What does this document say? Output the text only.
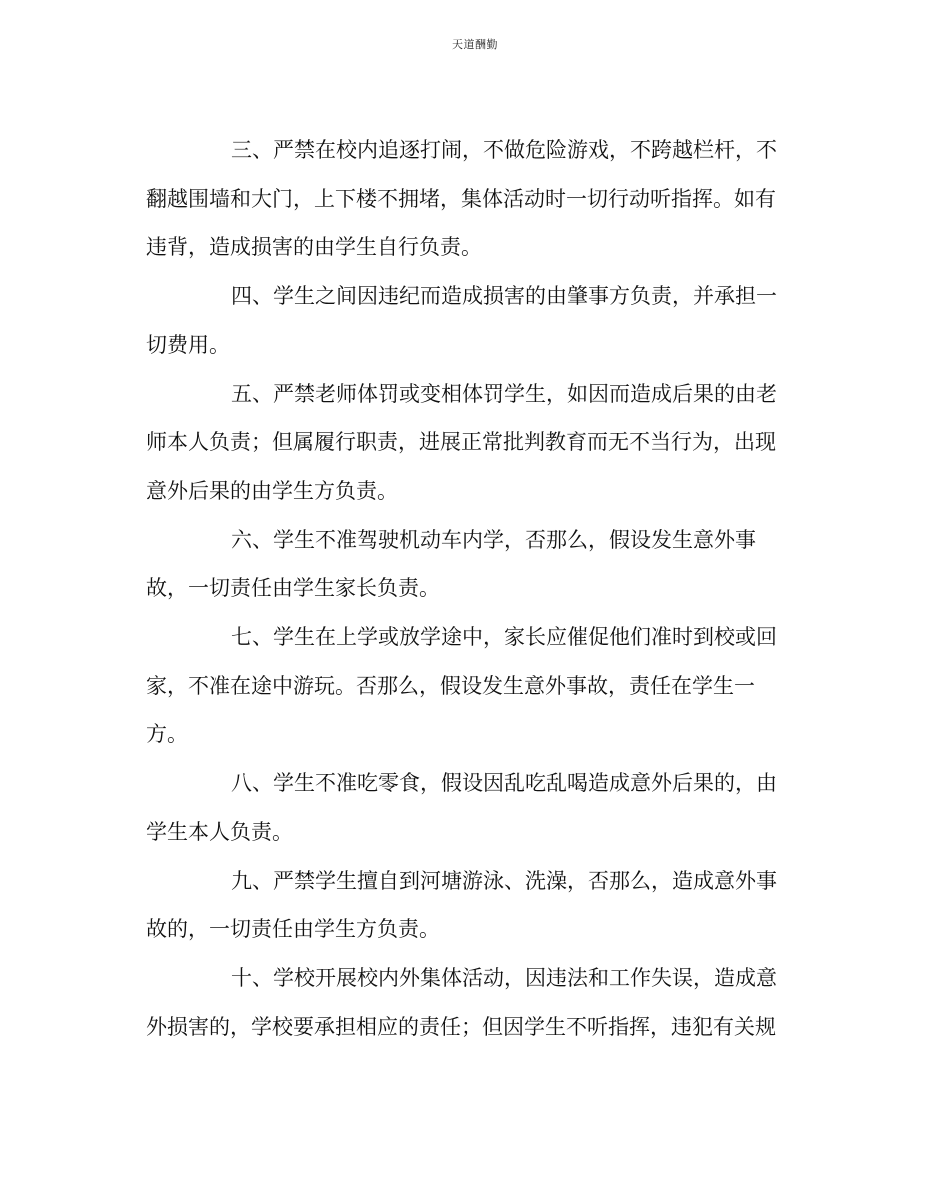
天道酬勤
三、严禁在校内追逐打闹，不做危险游戏，不跨越栏杆，不
翻越围墙和大门，上下楼不拥堵，集体活动时一切行动听指挥。如有
违背，造成损害的由学生自行负责。
四、学生之间因违纪而造成损害的由肇事方负责，并承担一
切费用。
五、严禁老师体罚或变相体罚学生，如因而造成后果的由老
师本人负责；但属履行职责，进展正常批判教育而无不当行为，出现
意外后果的由学生方负责。
六、学生不准驾驶机动车内学，否那么，假设发生意外事
故，一切责任由学生家长负责。
七、学生在上学或放学途中，家长应催促他们准时到校或回
家，不准在途中游玩。否那么，假设发生意外事故，责任在学生一
方。
八、学生不准吃零食，假设因乱吃乱喝造成意外后果的，由
学生本人负责。
九、严禁学生擅自到河塘游泳、洗澡，否那么，造成意外事
故的，一切责任由学生方负责。
十、学校开展校内外集体活动，因违法和工作失误，造成意
外损害的，学校要承担相应的责任；但因学生不听指挥，违犯有关规
